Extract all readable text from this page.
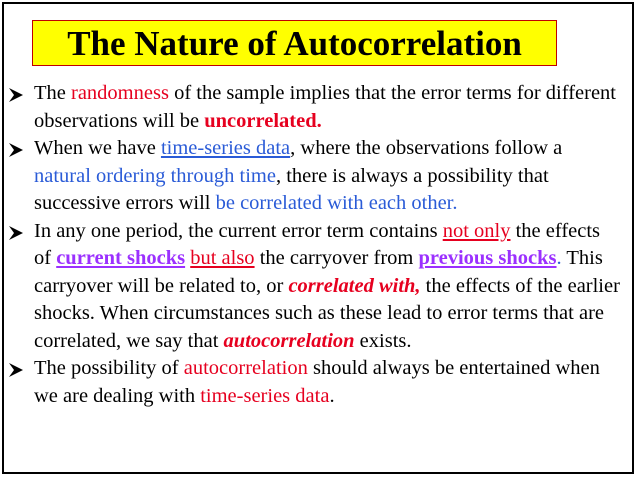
The Nature of Autocorrelation
The randomness of the sample implies that the error terms for different observations will be uncorrelated.
When we have time-series data, where the observations follow a natural ordering through time, there is always a possibility that successive errors will be correlated with each other.
In any one period, the current error term contains not only the effects of current shocks but also the carryover from previous shocks. This carryover will be related to, or correlated with, the effects of the earlier shocks. When circumstances such as these lead to error terms that are correlated, we say that autocorrelation exists.
The possibility of autocorrelation should always be entertained when we are dealing with time-series data.
